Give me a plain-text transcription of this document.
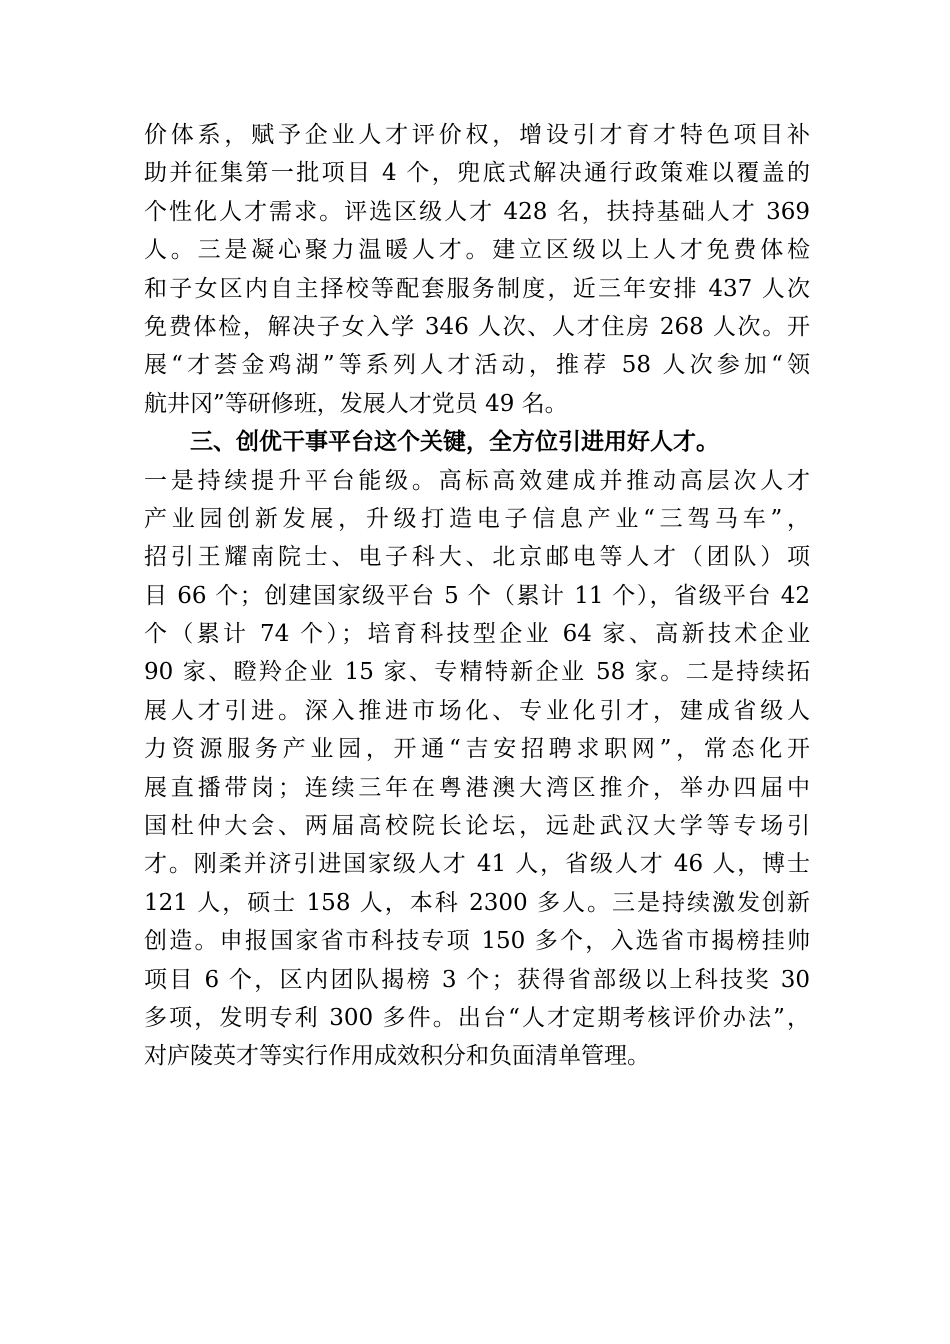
价体系，赋予企业人才评价权，增设引才育才特色项目补
助并征集第一批项目 4 个，兜底式解决通行政策难以覆盖的
个性化人才需求。评选区级人才 428 名，扶持基础人才 369
人。三是凝心聚力温暖人才。建立区级以上人才免费体检
和子女区内自主择校等配套服务制度，近三年安排 437 人次
免费体检，解决子女入学 346 人次、人才住房 268 人次。开
展“才荟金鸡湖”等系列人才活动，推荐 58 人次参加“领
航井冈”等研修班，发展人才党员 49 名。
三、创优干事平台这个关键，全方位引进用好人才。
一是持续提升平台能级。高标高效建成并推动高层次人才
产业园创新发展，升级打造电子信息产业“三驾马车”，
招引王耀南院士、电子科大、北京邮电等人才（团队）项
目 66 个；创建国家级平台 5 个（累计 11 个），省级平台 42
个（累计 74 个）；培育科技型企业 64 家、高新技术企业
90 家、瞪羚企业 15 家、专精特新企业 58 家。二是持续拓
展人才引进。深入推进市场化、专业化引才，建成省级人
力资源服务产业园，开通“吉安招聘求职网”，常态化开
展直播带岗；连续三年在粤港澳大湾区推介，举办四届中
国杜仲大会、两届高校院长论坛，远赴武汉大学等专场引
才。刚柔并济引进国家级人才 41 人，省级人才 46 人，博士
121 人，硕士 158 人，本科 2300 多人。三是持续激发创新
创造。申报国家省市科技专项 150 多个，入选省市揭榜挂帅
项目 6 个，区内团队揭榜 3 个；获得省部级以上科技奖 30
多项，发明专利 300 多件。出台“人才定期考核评价办法”，
对庐陵英才等实行作用成效积分和负面清单管理。
